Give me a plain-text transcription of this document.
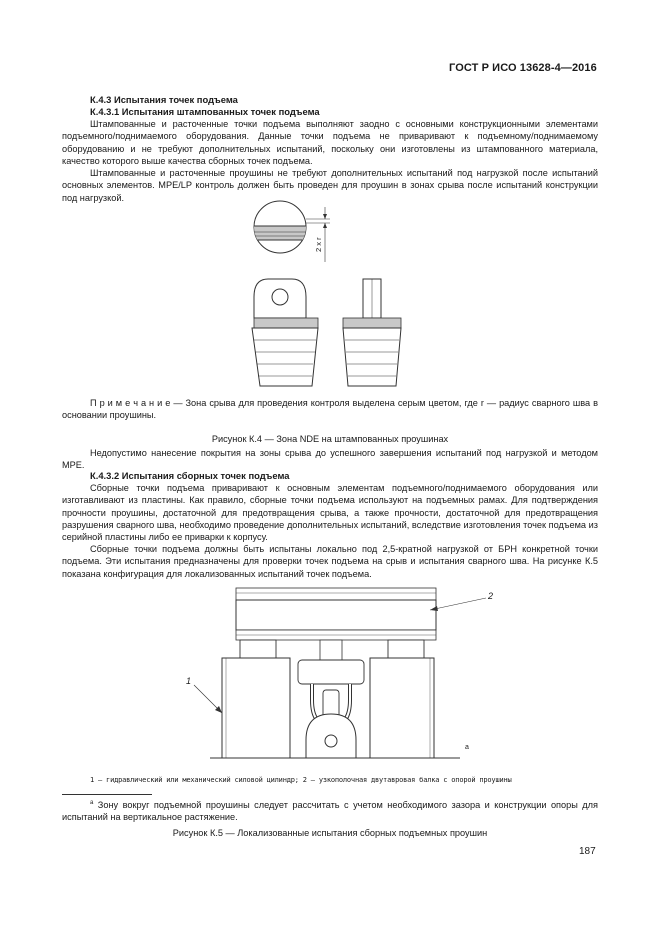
ГОСТ Р ИСО 13628-4—2016
К.4.3 Испытания точек подъема
К.4.3.1 Испытания штампованных точек подъема
Штампованные и расточенные точки подъема выполняют заодно с основными конструкционными элементами подъемного/поднимаемого оборудования. Данные точки подъема не приваривают к подъемному/поднимаемому оборудованию и не требуют дополнительных испытаний, поскольку они изготовлены из штампованного материала, качество которого выше качества сборных точек подъема.
Штампованные и расточенные проушины не требуют дополнительных испытаний под нагрузкой после испытаний основных элементов. MPE/LP контроль должен быть проведен для проушин в зонах срыва после испытаний конструкции под нагрузкой.
2 x r
П р и м е ч а н и е — Зона срыва для проведения контроля выделена серым цветом, где r — радиус сварного шва в основании проушины.
Рисунок К.4 — Зона NDE на штампованных проушинах
Недопустимо нанесение покрытия на зоны срыва до успешного завершения испытаний под нагрузкой и методом МРЕ.
К.4.3.2 Испытания сборных точек подъема
Сборные точки подъема приваривают к основным элементам подъемного/поднимаемого оборудования или изготавливают из пластины. Как правило, сборные точки подъема используют на подъемных рамах. Для подтверждения прочности проушины, достаточной для предотвращения срыва, а также прочности, достаточной для предотвращения разрушения сварного шва, необходимо проведение дополнительных испытаний, вследствие изготовления точек подъема из серийной пластины либо ее приварки к корпусу.
Сборные точки подъема должны быть испытаны локально под 2,5-кратной нагрузкой от БРН конкретной точки подъема. Эти испытания предназначены для проверки точек подъема на срыв и испытания сварного шва. На рисунке К.5 показана конфигурация для локализованных испытаний точек подъема.
2
1
a
1 — гидравлический или механический силовой цилиндр; 2 — узкополочная двутавровая балка с опорой проушины
$^a$ Зону вокруг подъемной проушины следует рассчитать с учетом необходимого зазора и конструкции опоры для испытаний на вертикальное растяжение.
Рисунок К.5 — Локализованные испытания сборных подъемных проушин
187
